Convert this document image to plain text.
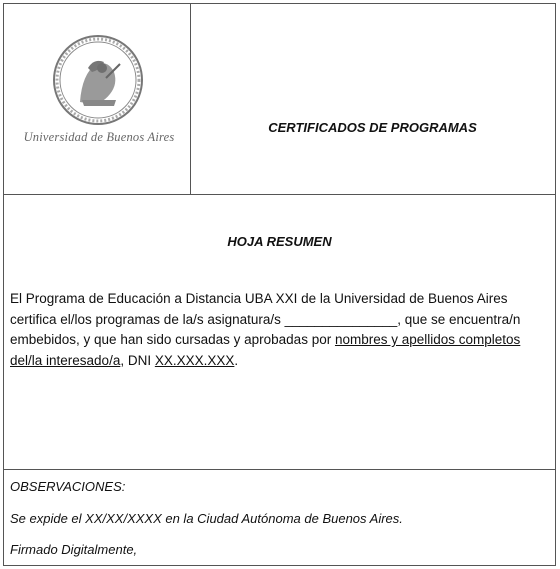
Universidad de Buenos Aires
CERTIFICADOS DE PROGRAMAS
HOJA RESUMEN
El Programa de Educación a Distancia UBA XXI de la Universidad de Buenos Aires certifica el/los programas de la/s asignatura/s _______________, que se encuentra/n embebidos, y que han sido cursadas y aprobadas por nombres y apellidos completos del/la interesado/a, DNI XX.XXX.XXX.
OBSERVACIONES:
Se expide el XX/XX/XXXX en la Ciudad Autónoma de Buenos Aires.
Firmado Digitalmente,
